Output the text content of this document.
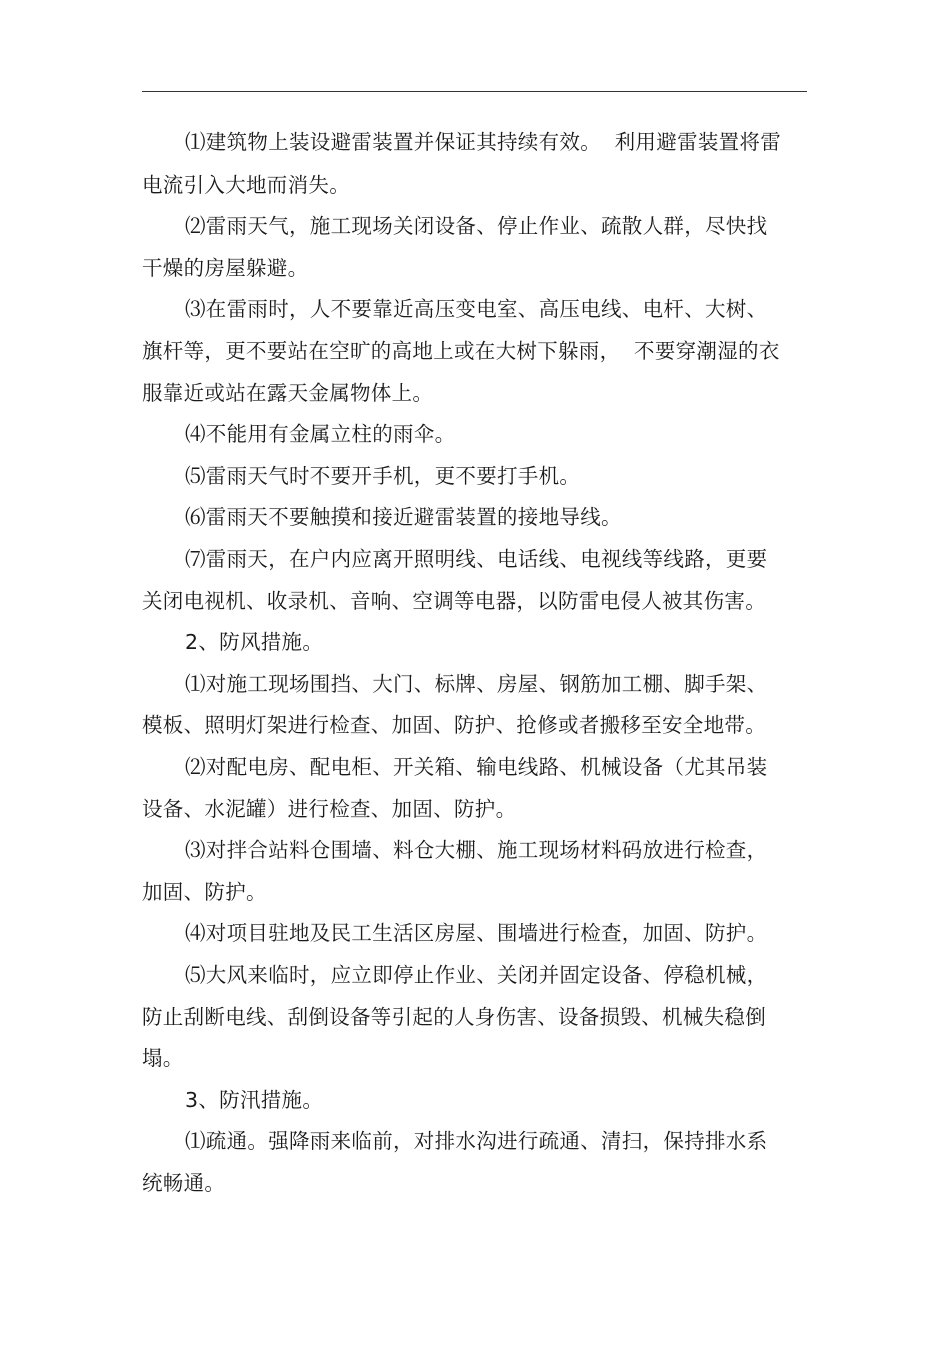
⑴建筑物上装设避雷装置并保证其持续有效。  利用避雷装置将雷
电流引入大地而消失。
⑵雷雨天气，施工现场关闭设备、停止作业、疏散人群，尽快找
干燥的房屋躲避。
⑶在雷雨时，人不要靠近高压变电室、高压电线、电杆、大树、
旗杆等，更不要站在空旷的高地上或在大树下躲雨，  不要穿潮湿的衣
服靠近或站在露天金属物体上。
⑷不能用有金属立柱的雨伞。
⑸雷雨天气时不要开手机，更不要打手机。
⑹雷雨天不要触摸和接近避雷装置的接地导线。
⑺雷雨天，在户内应离开照明线、电话线、电视线等线路，更要
关闭电视机、收录机、音响、空调等电器，以防雷电侵人被其伤害。
2、防风措施。
⑴对施工现场围挡、大门、标牌、房屋、钢筋加工棚、脚手架、
模板、照明灯架进行检查、加固、防护、抢修或者搬移至安全地带。
⑵对配电房、配电柜、开关箱、输电线路、机械设备（尤其吊装
设备、水泥罐）进行检查、加固、防护。
⑶对拌合站料仓围墙、料仓大棚、施工现场材料码放进行检查，
加固、防护。
⑷对项目驻地及民工生活区房屋、围墙进行检查，加固、防护。
⑸大风来临时，应立即停止作业、关闭并固定设备、停稳机械，
防止刮断电线、刮倒设备等引起的人身伤害、设备损毁、机械失稳倒
塌。
3、防汛措施。
⑴疏通。强降雨来临前，对排水沟进行疏通、清扫，保持排水系
统畅通。
